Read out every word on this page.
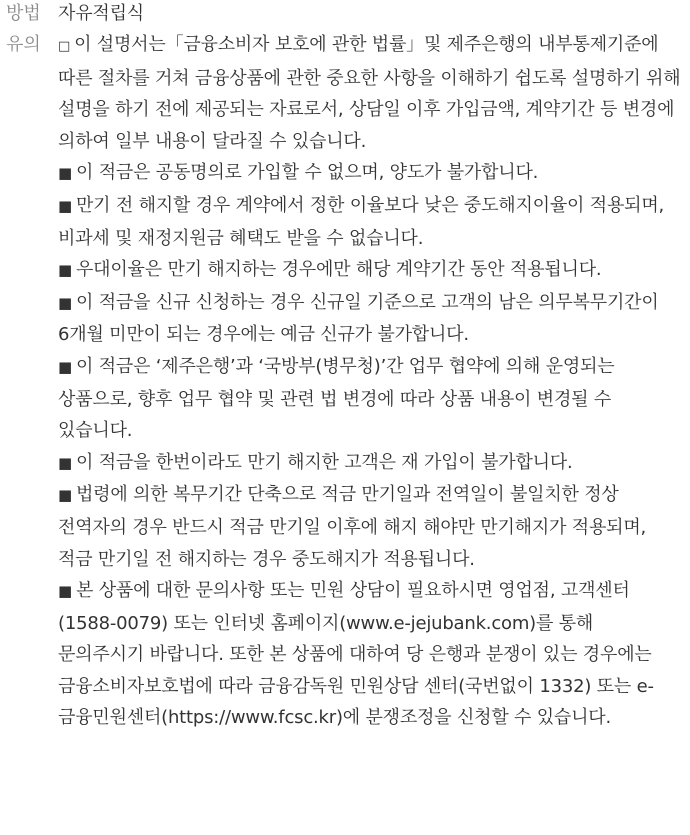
방법 자유적립식
유의	□ 이 설명서는「금융소비자 보호에 관한 법률」및 제주은행의 내부통제기준에 따른 절차를 거쳐 금융상품에 관한 중요한 사항을 이해하기 쉽도록 설명하기 위해 설명을 하기 전에 제공되는 자료로서, 상담일 이후 가입금액, 계약기간 등 변경에 의하여 일부 내용이 달라질 수 있습니다.

■ 이 적금은 공동명의로 가입할 수 없으며, 양도가 불가합니다.

■ 만기 전 해지할 경우 계약에서 정한 이율보다 낮은 중도해지이율이 적용되며, 비과세 및 재정지원금 혜택도 받을 수 없습니다.

■ 우대이율은 만기 해지하는 경우에만 해당 계약기간 동안 적용됩니다.

■ 이 적금을 신규 신청하는 경우 신규일 기준으로 고객의 남은 의무복무기간이 6개월 미만이 되는 경우에는 예금 신규가 불가합니다.

■ 이 적금은 ‘제주은행’과 ‘국방부(병무청)’간 업무 협약에 의해 운영되는 상품으로, 향후 업무 협약 및 관련 법 변경에 따라 상품 내용이 변경될 수 있습니다.

■ 이 적금을 한번이라도 만기 해지한 고객은 재 가입이 불가합니다.

■ 법령에 의한 복무기간 단축으로 적금 만기일과 전역일이 불일치한 정상 전역자의 경우 반드시 적금 만기일 이후에 해지 해야만 만기해지가 적용되며, 적금 만기일 전 해지하는 경우 중도해지가 적용됩니다.

■ 본 상품에 대한 문의사항 또는 민원 상담이 필요하시면 영업점, 고객센터(1588-0079) 또는 인터넷 홈페이지(www.e-jejubank.com)를 통해 문의주시기 바랍니다. 또한 본 상품에 대하여 당 은행과 분쟁이 있는 경우에는 금융소비자보호법에 따라 금융감독원 민원상담 센터(국번없이 1332) 또는 e-금융민원센터(https://www.fcsc.kr)에 분쟁조정을 신청할 수 있습니다.
